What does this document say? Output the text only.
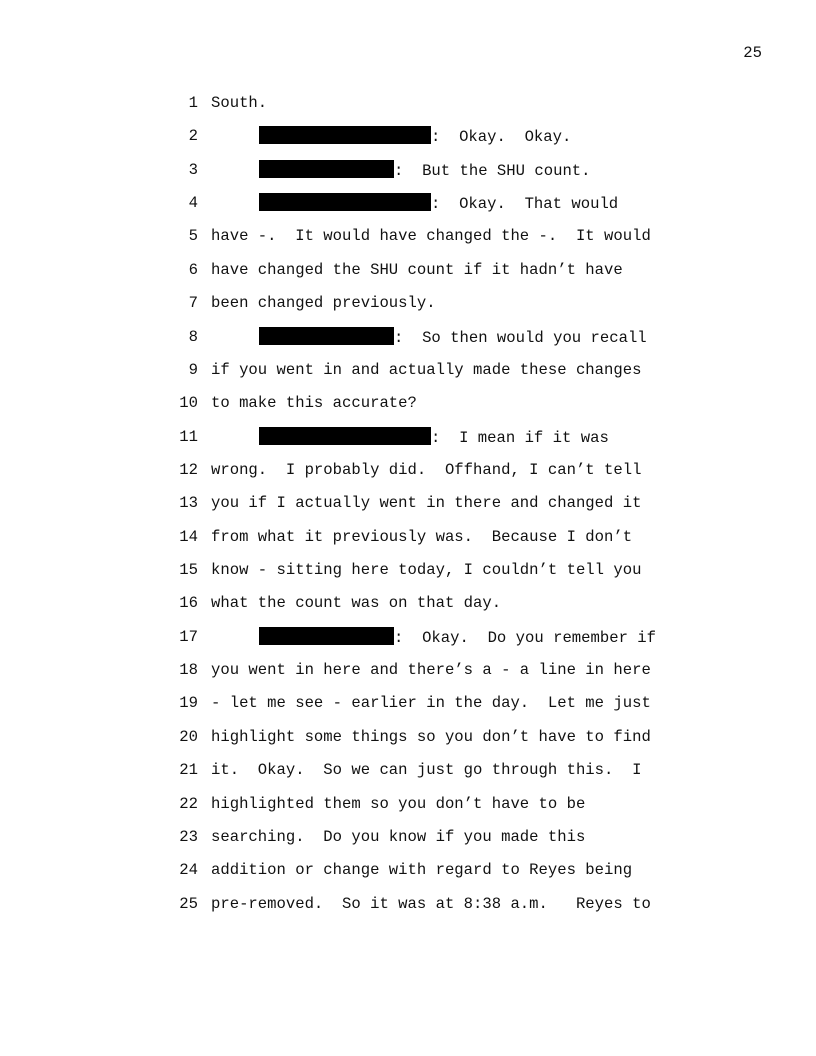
25
1 South.
2	:  Okay.  Okay.
3	:  But the SHU count.
4	:  Okay.  That would
5 have -.  It would have changed the -.  It would
6 have changed the SHU count if it hadn’t have
7 been changed previously.
8	:  So then would you recall
9 if you went in and actually made these changes
10 to make this accurate?
11	:  I mean if it was
12 wrong.  I probably did.  Offhand, I can’t tell
13 you if I actually went in there and changed it
14 from what it previously was.  Because I don’t
15 know - sitting here today, I couldn’t tell you
16 what the count was on that day.
17	:  Okay.  Do you remember if
18 you went in here and there’s a - a line in here
19 - let me see - earlier in the day.  Let me just
20 highlight some things so you don’t have to find
21 it.  Okay.  So we can just go through this.  I
22 highlighted them so you don’t have to be
23 searching.  Do you know if you made this
24 addition or change with regard to Reyes being
25 pre-removed.  So it was at 8:38 a.m.   Reyes to
